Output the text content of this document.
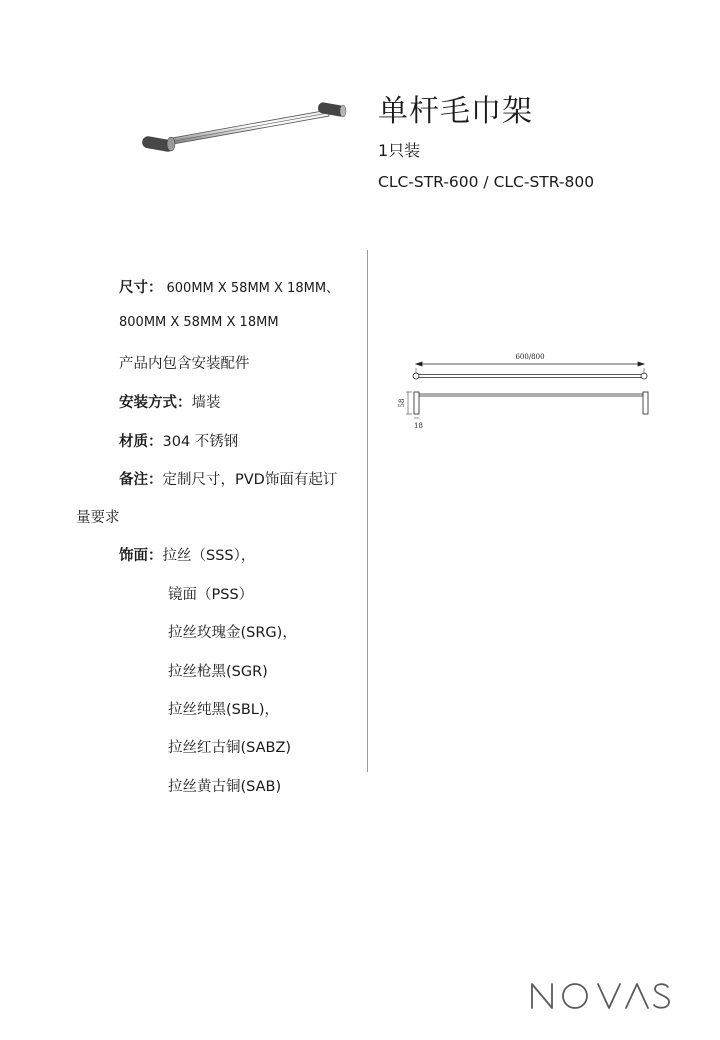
单杆毛巾架
1只装
CLC-STR-600 / CLC-STR-800
尺寸： 600MM X 58MM X 18MM、
800MM X 58MM X 18MM
产品内包含安装配件
安装方式：墙装
材质：304 不锈钢
备注：定制尺寸，PVD饰面有起订
量要求
饰面：拉丝（SSS），
镜面（PSS）
拉丝玫瑰金(SRG)，
拉丝枪黑(SGR)
拉丝纯黑(SBL)，
拉丝红古铜(SABZ)
拉丝黄古铜(SAB)
600/800
58
18
